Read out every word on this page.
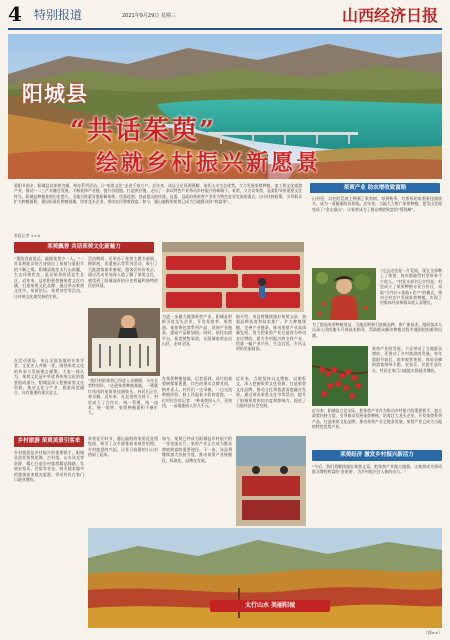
4 特别报道	2021年9月29日 星期三	山西经济日报
阳城县
“共话茱萸”
绘就乡村振兴新愿景
重阳节前夕，阳城县以茱萸为媒，举办系列活动，让“茱萸文化”走进千家万户。近年来，该县立足资源禀赋，依托山水生态优势，大力发展茱萸种植、加工和文化旅游产业，推动一二三产业融合发展，不断延伸产业链、提升价值链、打造供应链，走出了一条以特色产业带动乡村振兴的新路子。茱萸，又名吴茱萸，是重阳节的重要文化符号。阳城县种植茱萸历史悠久，当地百姓素有重阳佩茱萸、饮菊花酒、登高望远的传统。县委、县政府将茱萸产业作为特色农业发展的重点，出台扶持政策，引导群众扩大种植面积，建设标准化种植基地，培育龙头企业，带动农民增收致富。如今，漫山遍野的茱萸已成为当地群众的“致富果”。
本报记者 ×××
茱萸产业 助农增收致富路
山村里，以往的荒坡上种满了茱萸树。每到秋季，红彤彤的茱萸果挂满枝头，成为一道靓丽的风景线。近年来，当地大力推广茱萸种植，把荒山荒坡变成了“金山银山”，让茱萸成为了群众增收致富的“摇钱树”。
“过去这里是一片荒坡，现在全部种上了茱萸，每年都能给村里带来不少收入。”村党支部书记介绍说，村里成立了茱萸种植专业合作社，采取“合作社+基地+农户”的模式，带动全村农户发展茱萸种植，实现了村集体经济和群众收入双增长。
为了提高茱萸种植效益，当地还积极引进新品种、推广新技术，组织技术人员深入田间地头开展技术指导，帮助群众解决种植过程中遇到的困难和问题。
茱萸产业的发展，不仅带动了当地群众增收，还推动了乡村旅游的发展。每年重阳节前后，前来观赏茱萸、体验采摘的游客络绎不绝，农家乐、民宿生意红火，村民在家门口就能实现就业增收。
近年来，阳城县立足实际，把茱萸产业作为推动乡村振兴的重要抓手，加大政策扶持力度，引导群众发展茱萸种植，培育壮大龙头企业，开发茱萸系列产品，打造茱萸文化品牌，推动茱萸产业全链条发展，茱萸产业已成为当地的特色优势产业。
茱萸飘香 共话茱萸文化新魅力
“重阳登高望远，遍插茱萸少一人。”一首耳熟能详的古诗道出了茱萸与重阳节的不解之缘。阳城县地处太行山南麓，生态环境优良，是吴茱萸的适宜生长区。近年来，县里积极挖掘茱萸文化内涵，打造茱萸文化品牌，通过举办茱萸文化节、茱萸论坛、茱萸诗会等活动，让传统文化焕发新的生机。
在活动现场，来自全国各地的专家学者、文化名人齐聚一堂，围绕茱萸文化的传承与发展建言献策。大家一致认为，茱萸文化是中华优秀传统文化的重要组成部分，阳城县深入挖掘茱萸文化资源，推动文化与产业、旅游深度融合，具有重要的现实意义。
活动期间，还举办了茱萸主题书画展、摄影展、非遗展示等系列活动，吸引了大批游客前来参观。游客们纷纷表示，通过活动更加深入地了解了茱萸文化，感受到了阳城深厚的历史底蕴和独特的民俗风情。
“我们村的茱萸已经进入采摘期，今年长势特别好。”走进茱萸种植基地，一簇簇红彤彤的茱萸果挂满枝头，村民们正忙着采摘。近年来，在县里的支持下，村里成立了合作社，统一管理、统一技术、统一销售，茱萸种植面积不断扩大。
为进一步做大做强茱萸产业，阳城县积极引进龙头企业，开发茱萸茶、茱萸酒、茱萸香包等系列产品，延伸产业链条，提高产品附加值。同时，依托电商平台，拓宽销售渠道，让阳城茱萸走出山区，走向全国。
据介绍，该县将继续做好茱萸文章，加强品种选育和技术推广，扩大种植规模，完善产业链条，推动茱萸产业高质量发展，努力把茱萸产业打造成为带动农民增收、助力乡村振兴的支柱产业，绘就一幅产业兴旺、生态宜居、乡风文明的美丽画卷。
在茱萸种植基地，记者看到，成片的茱萸树郁郁葱葱，红色的果实点缀其间，格外喜人。村民们一边采摘，一边交流种植经验，脸上洋溢着丰收的喜悦。一位村民告诉记者：“种茱萸投入少、见效快，一亩地能收入好几千元。”
近年来，当地坚持以文塑旅、以旅彰文，深入挖掘茱萸文化资源，打造茱萸文化品牌，推动文化和旅游深度融合发展。通过举办茱萸文化节等活动，提升了阳城茱萸的知名度和影响力，促进了当地经济社会发展。
乡村旅游 茱萸美景引客来
乡村旅游是乡村振兴的重要抓手。阳城县依托茱萸花海、古村落、山水风光等资源，精心打造乡村旅游精品线路，发展农家乐、民宿等业态，吸引越来越多的游客前来观光旅游，带动村民在家门口就业增收。
茱萸花开时节，漫山遍野的茱萸花竞相绽放，吸引了众多游客前来观赏拍照。乡村旅游的兴起，让昔日寂静的小山村热闹了起来。
如今，茱萸已经成为阳城县乡村振兴的一张亮丽名片，茱萸产业正在成为群众增收致富的重要途径。下一步，该县将继续加大扶持力度，推动茱萸产业规模化、标准化、品牌化发展。
茱萸经济 激发乡村振兴新活力
“今后，我们将继续做好茱萸文章，把茱萸产业做大做强，让茱萸成为带动群众增收致富的‘金果果’，为乡村振兴注入新的动力。”
太行山水 美丽阳城
（郭××）
